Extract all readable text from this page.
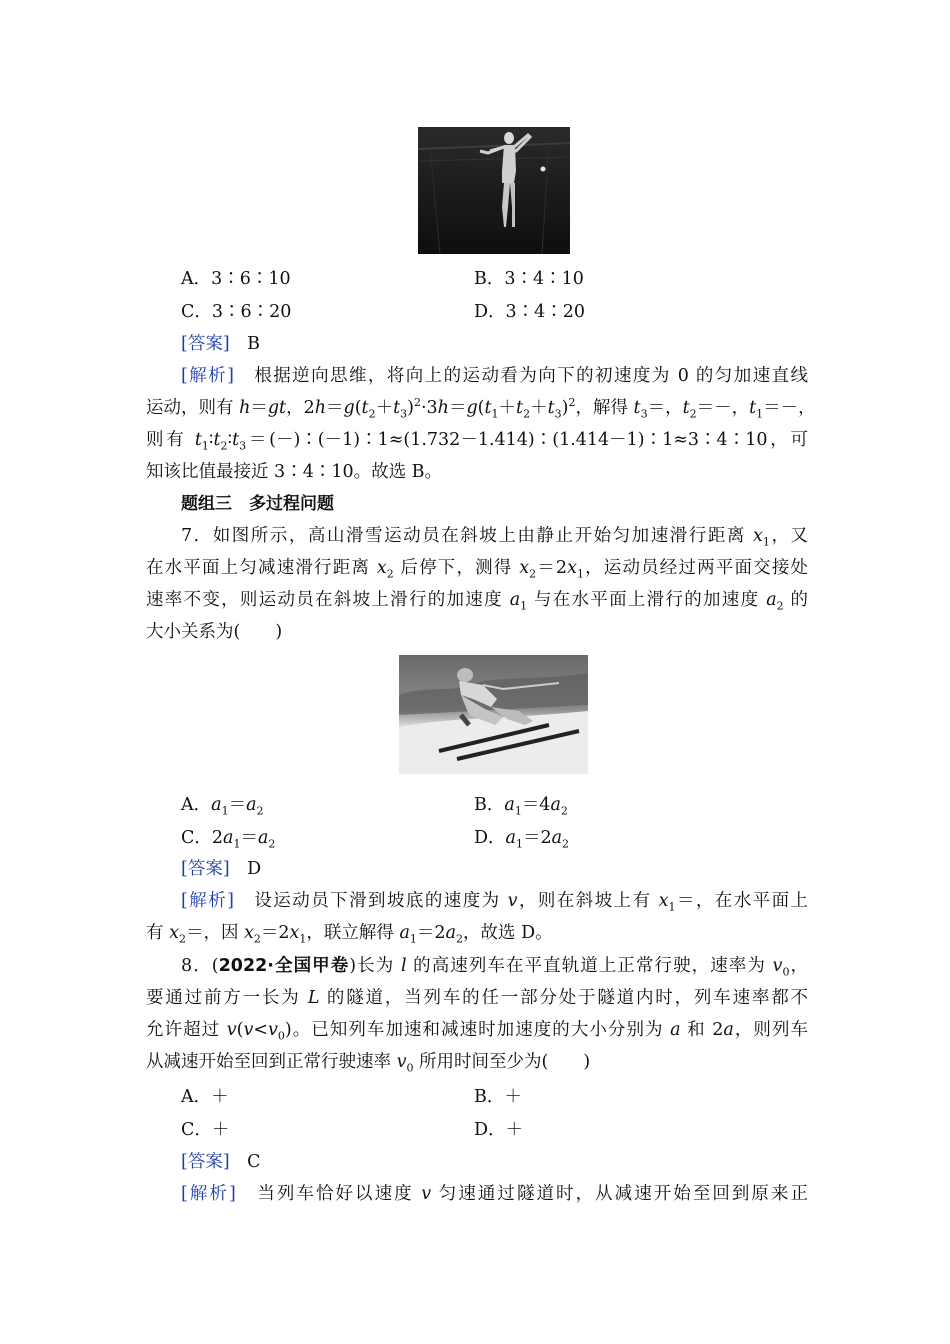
A．3∶6∶10	B．3∶4∶10
C．3∶6∶20	D．3∶4∶20
[答案]　 B
[解析]　 根据逆向思维，将向上的运动看为向下的初速度为 0 的匀加速直线
运动，则有 h＝gt，$2h=g(t_2+t_3)^2\cdot 3h=g(t_1+t_2+t_3)^2$，解得 $t_3=$，$t_2=-$，$t_1=-$，
则有 $t_1∶t_2∶t_3=(-)∶(-1)∶1\approx(1.732-1.414)∶(1.414-1)∶1\approx 3∶4∶10$，可
知该比值最接近 3∶4∶10。故选 B。
题组三　多过程问题
7．如图所示，高山滑雪运动员在斜坡上由静止开始匀加速滑行距离 $x_1$，又
在水平面上匀减速滑行距离 $x_2$ 后停下，测得 $x_2=2x_1$，运动员经过两平面交接处
速率不变，则运动员在斜坡上滑行的加速度 $a_1$ 与在水平面上滑行的加速度 $a_2$ 的
大小关系为(　　)
A．$a_1=a_2$	B．$a_1=4a_2$
C．$2a_1=a_2$	D．$a_1=2a_2$
[答案]　 D
[解析]　设运动员下滑到坡底的速度为 v，则在斜坡上有 $x_1=$，在水平面上
有 $x_2=$，因 $x_2=2x_1$，联立解得 $a_1=2a_2$，故选 D。
8．(2022·全国甲卷)长为 l 的高速列车在平直轨道上正常行驶，速率为 $v_0$，
要通过前方一长为 L 的隧道，当列车的任一部分处于隧道内时，列车速率都不
允许超过 $v(v<v_0)$。已知列车加速和减速时加速度的大小分别为 a 和 2a，则列车
从减速开始至回到正常行驶速率 $v_0$ 所用时间至少为(　　)
A．＋	B．＋
C．＋	D．＋
[答案]　 C
[解析]　当列车恰好以速度 v 匀速通过隧道时，从减速开始至回到原来正
